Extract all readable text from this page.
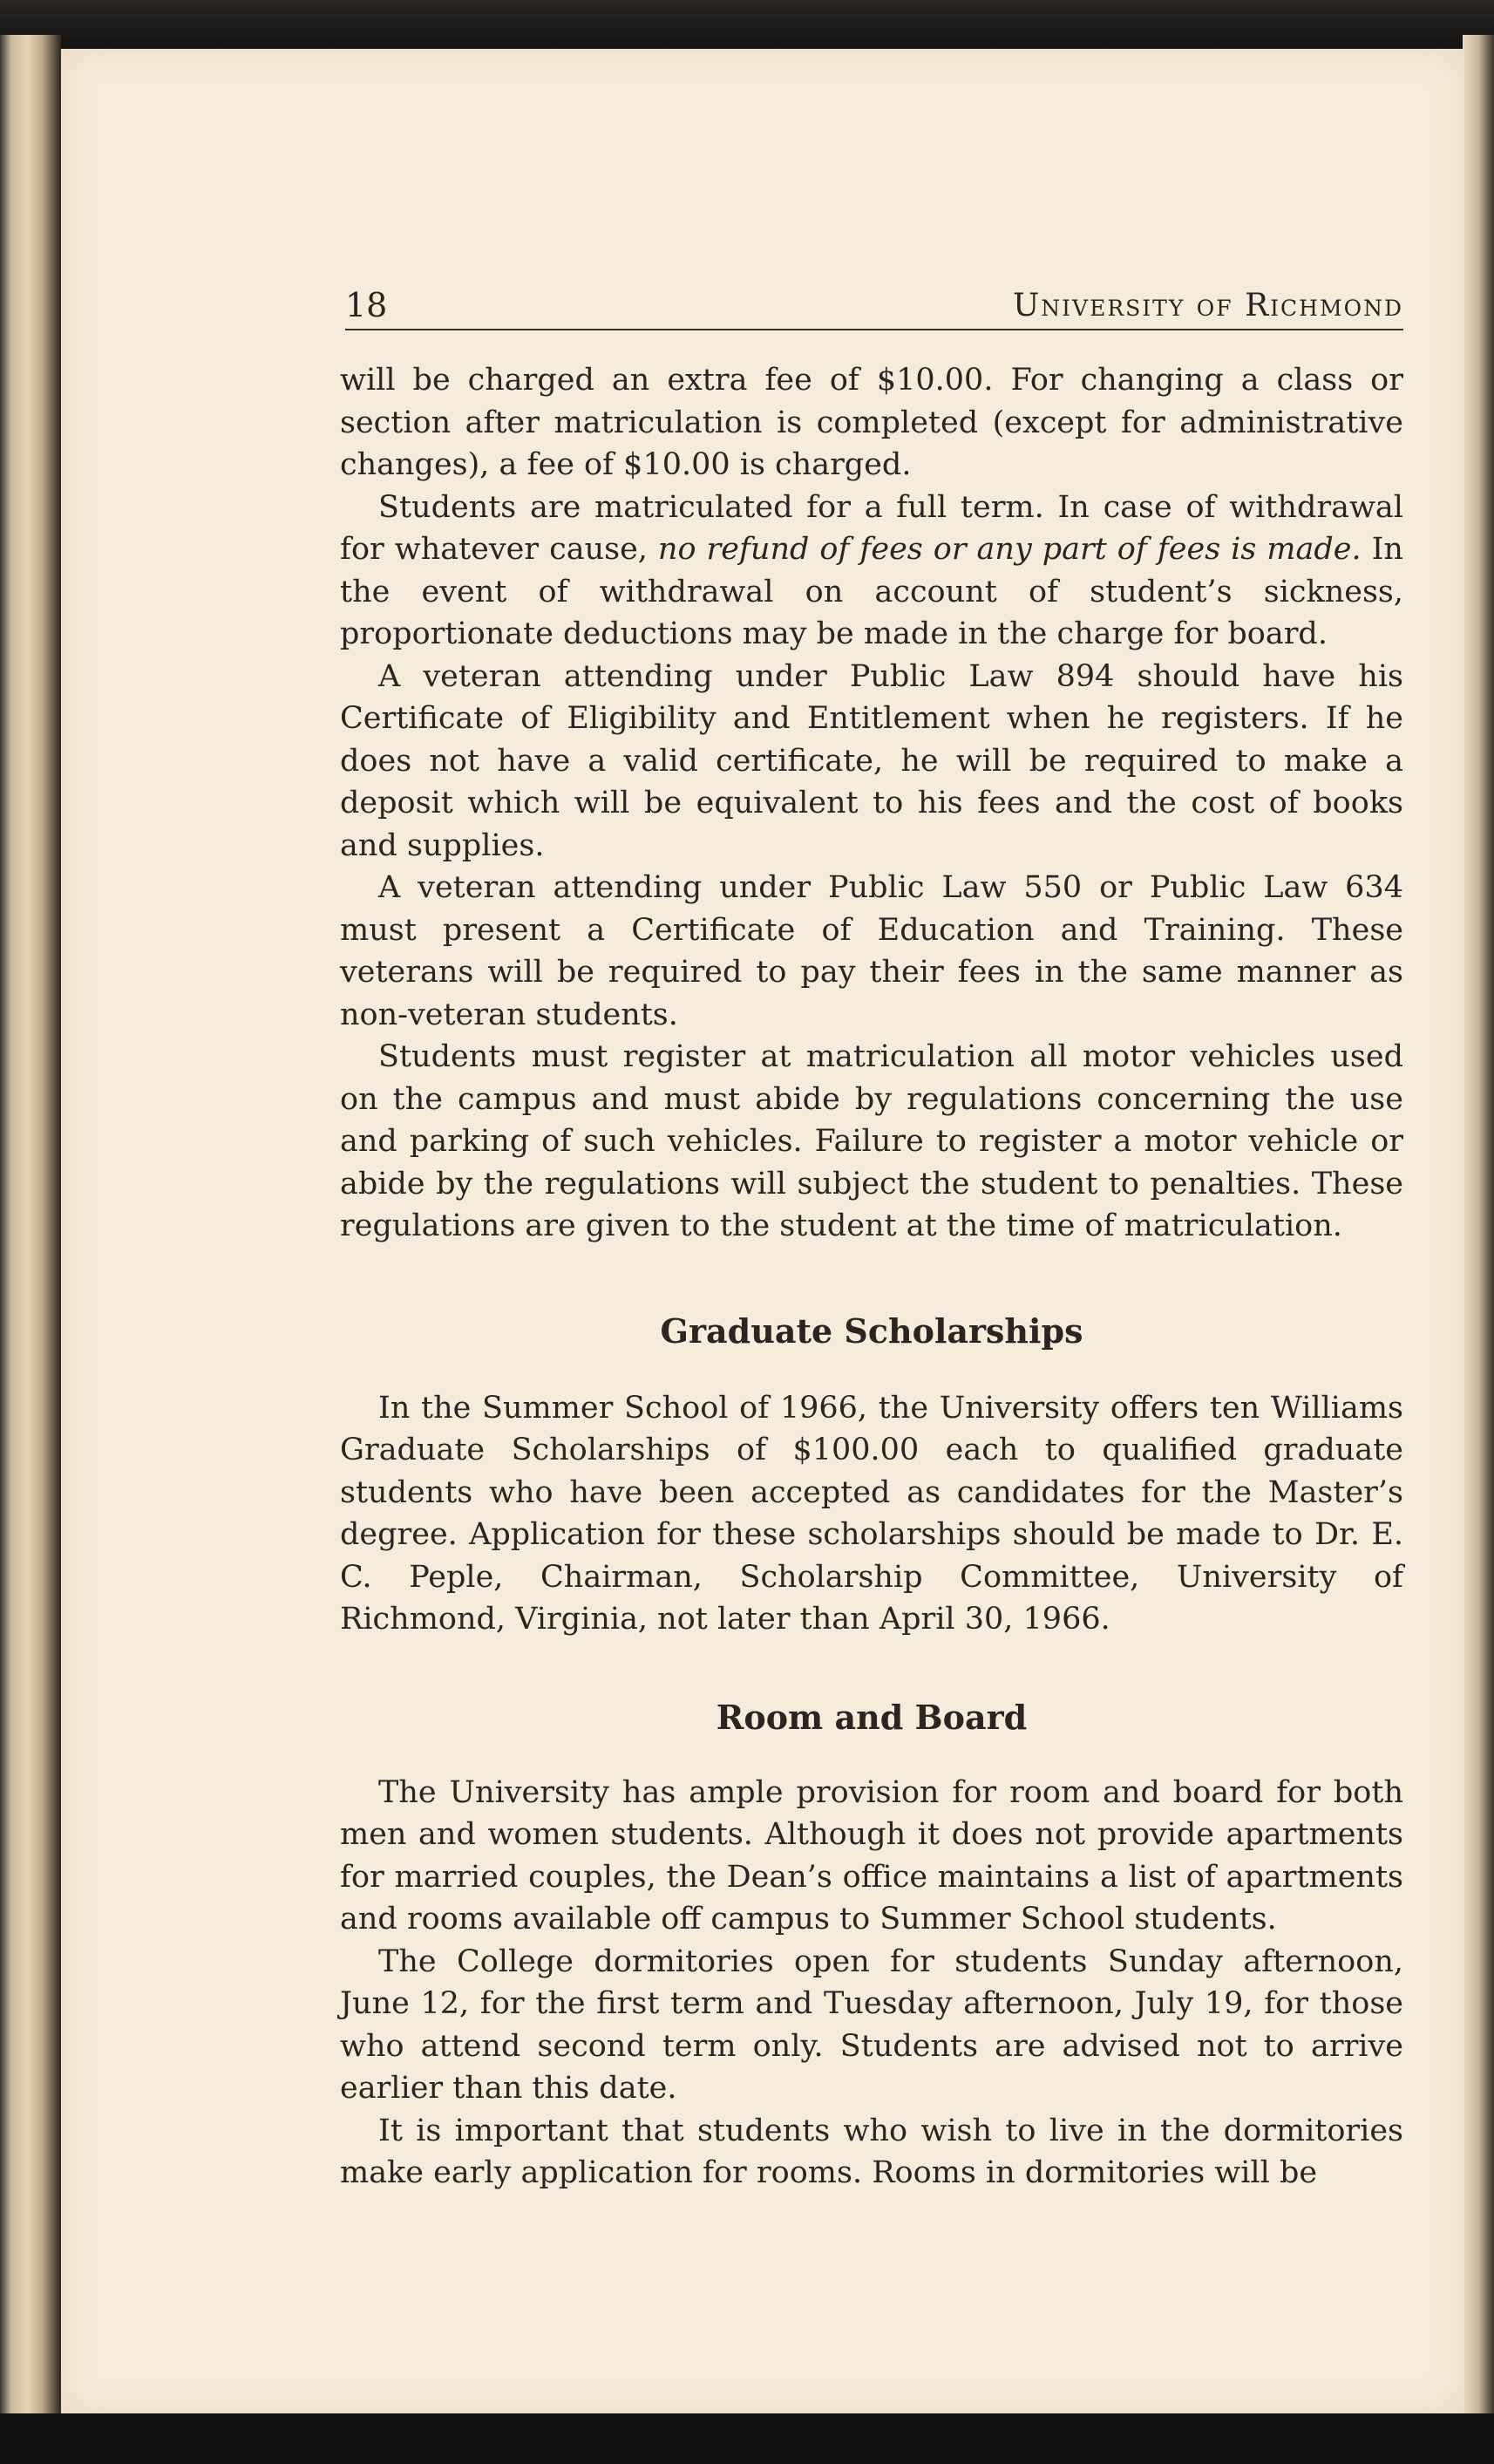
18	University of Richmond

will be charged an extra fee of $10.00. For changing a class or section after matriculation is completed (except for administrative changes), a fee of $10.00 is charged.

Students are matriculated for a full term. In case of withdrawal for whatever cause, no refund of fees or any part of fees is made. In the event of withdrawal on account of student’s sickness, proportionate deductions may be made in the charge for board.

A veteran attending under Public Law 894 should have his Certificate of Eligibility and Entitlement when he registers. If he does not have a valid certificate, he will be required to make a deposit which will be equivalent to his fees and the cost of books and supplies.

A veteran attending under Public Law 550 or Public Law 634 must present a Certificate of Education and Training. These veterans will be required to pay their fees in the same manner as non-veteran students.

Students must register at matriculation all motor vehicles used on the campus and must abide by regulations concerning the use and parking of such vehicles. Failure to register a motor vehicle or abide by the regulations will subject the student to penalties. These regulations are given to the student at the time of matriculation.

Graduate Scholarships

In the Summer School of 1966, the University offers ten Williams Graduate Scholarships of $100.00 each to qualified graduate students who have been accepted as candidates for the Master’s degree. Application for these scholarships should be made to Dr. E. C. Peple, Chairman, Scholarship Committee, University of Richmond, Virginia, not later than April 30, 1966.

Room and Board

The University has ample provision for room and board for both men and women students. Although it does not provide apartments for married couples, the Dean’s office maintains a list of apartments and rooms available off campus to Summer School students.

The College dormitories open for students Sunday afternoon, June 12, for the first term and Tuesday afternoon, July 19, for those who attend second term only. Students are advised not to arrive earlier than this date.

It is important that students who wish to live in the dormitories make early application for rooms. Rooms in dormitories will be
